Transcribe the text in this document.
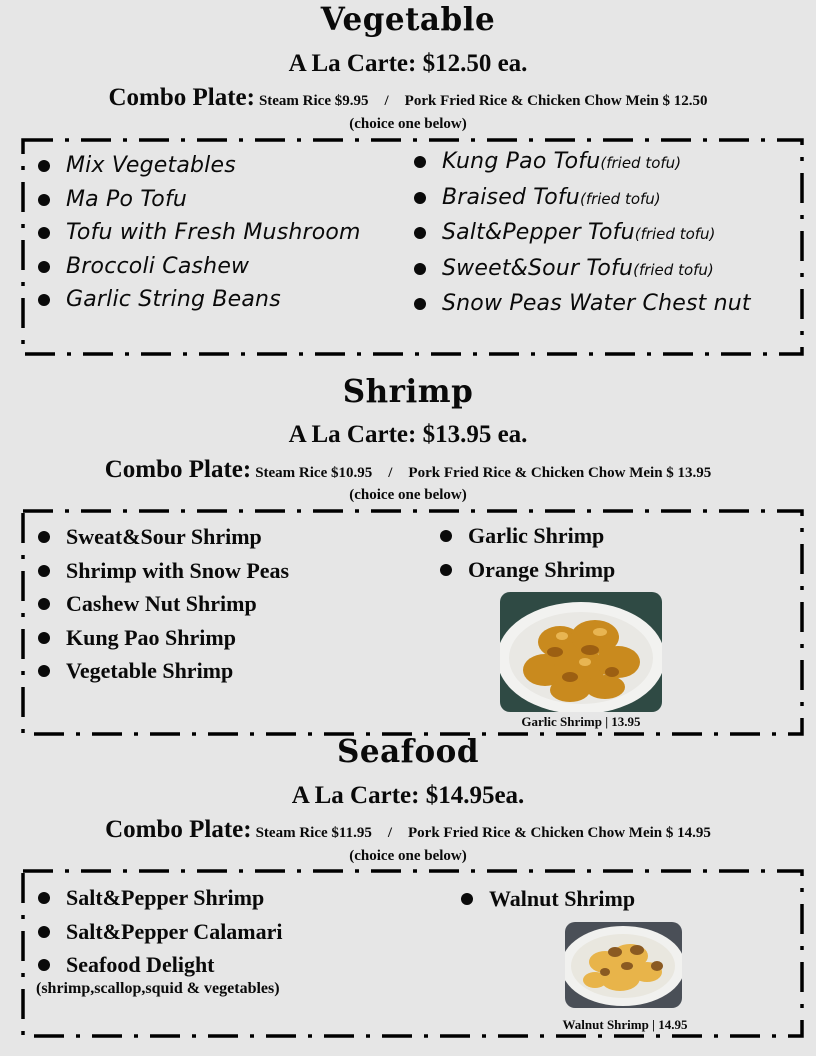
Vegetable
A La Carte: $12.50 ea.
Combo Plate: Steam Rice $9.95 / Pork Fried Rice & Chicken Chow Mein $ 12.50
(choice one below)
Mix Vegetables
Ma Po Tofu
Tofu with Fresh Mushroom
Broccoli Cashew
Garlic String Beans
Kung Pao Tofu(fried tofu)
Braised Tofu(fried tofu)
Salt&Pepper Tofu(fried tofu)
Sweet&Sour Tofu(fried tofu)
Snow Peas Water Chest nut
Shrimp
A La Carte: $13.95 ea.
Combo Plate: Steam Rice $10.95 / Pork Fried Rice & Chicken Chow Mein $ 13.95
(choice one below)
Sweat&Sour Shrimp
Shrimp with Snow Peas
Cashew Nut Shrimp
Kung Pao Shrimp
Vegetable Shrimp
Garlic Shrimp
Orange Shrimp
Garlic Shrimp | 13.95
Seafood
A La Carte: $14.95ea.
Combo Plate: Steam Rice $11.95 / Pork Fried Rice & Chicken Chow Mein $ 14.95
(choice one below)
Salt&Pepper Shrimp
Salt&Pepper Calamari
Seafood Delight
(shrimp,scallop,squid & vegetables)
Walnut Shrimp
Walnut Shrimp | 14.95
